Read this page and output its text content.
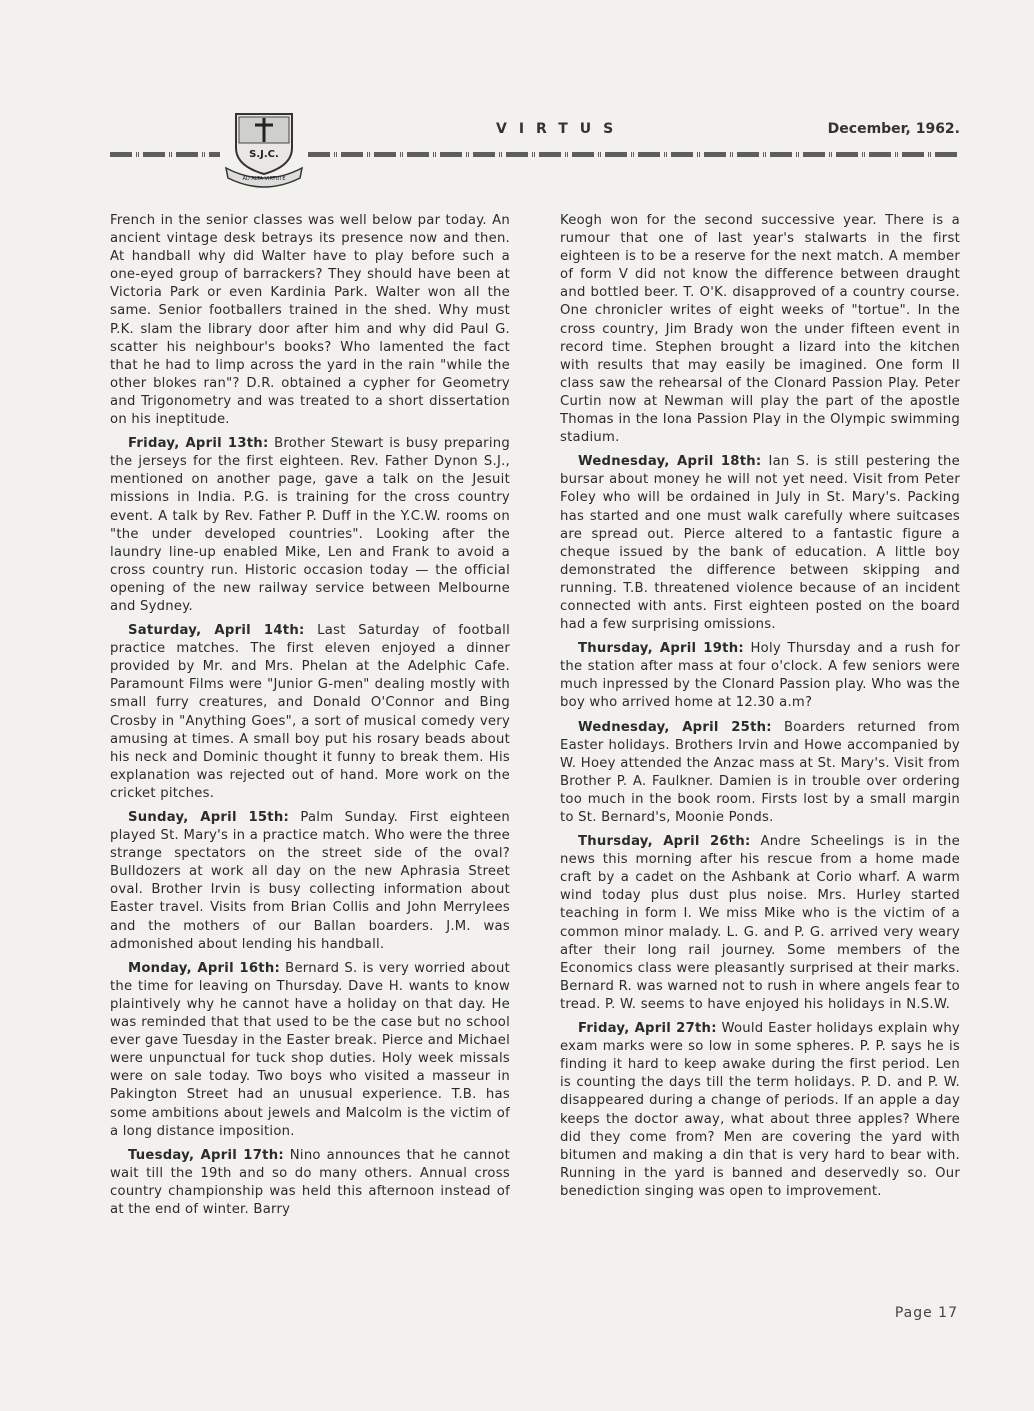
S.J.C.
AD ALTA VIRTUTE
VIRTUS	December, 1962.

French in the senior classes was well below par today. An ancient vintage desk betrays its presence now and then. At handball why did Walter have to play before such a one-eyed group of barrackers? They should have been at Victoria Park or even Kardinia Park. Walter won all the same. Senior footballers trained in the shed. Why must P.K. slam the library door after him and why did Paul G. scatter his neighbour's books? Who lamented the fact that he had to limp across the yard in the rain "while the other blokes ran"? D.R. obtained a cypher for Geometry and Trigonometry and was treated to a short dissertation on his ineptitude.

Friday, April 13th: Brother Stewart is busy preparing the jerseys for the first eighteen. Rev. Father Dynon S.J., mentioned on another page, gave a talk on the Jesuit missions in India. P.G. is training for the cross country event. A talk by Rev. Father P. Duff in the Y.C.W. rooms on "the under developed countries". Looking after the laundry line-up enabled Mike, Len and Frank to avoid a cross country run. Historic occasion today — the official opening of the new railway service between Melbourne and Sydney.

Saturday, April 14th: Last Saturday of football practice matches. The first eleven enjoyed a dinner provided by Mr. and Mrs. Phelan at the Adelphic Cafe. Paramount Films were "Junior G-men" dealing mostly with small furry creatures, and Donald O'Connor and Bing Crosby in "Anything Goes", a sort of musical comedy very amusing at times. A small boy put his rosary beads about his neck and Dominic thought it funny to break them. His explanation was rejected out of hand. More work on the cricket pitches.

Sunday, April 15th: Palm Sunday. First eighteen played St. Mary's in a practice match. Who were the three strange spectators on the street side of the oval? Bulldozers at work all day on the new Aphrasia Street oval. Brother Irvin is busy collecting information about Easter travel. Visits from Brian Collis and John Merrylees and the mothers of our Ballan boarders. J.M. was admonished about lending his handball.

Monday, April 16th: Bernard S. is very worried about the time for leaving on Thursday. Dave H. wants to know plaintively why he cannot have a holiday on that day. He was reminded that that used to be the case but no school ever gave Tuesday in the Easter break. Pierce and Michael were unpunctual for tuck shop duties. Holy week missals were on sale today. Two boys who visited a masseur in Pakington Street had an unusual experience. T.B. has some ambitions about jewels and Malcolm is the victim of a long distance imposition.

Tuesday, April 17th: Nino announces that he cannot wait till the 19th and so do many others. Annual cross country championship was held this afternoon instead of at the end of winter. Barry

Keogh won for the second successive year. There is a rumour that one of last year's stalwarts in the first eighteen is to be a reserve for the next match. A member of form V did not know the difference between draught and bottled beer. T. O'K. disapproved of a country course. One chronicler writes of eight weeks of "tortue". In the cross country, Jim Brady won the under fifteen event in record time. Stephen brought a lizard into the kitchen with results that may easily be imagined. One form II class saw the rehearsal of the Clonard Passion Play. Peter Curtin now at Newman will play the part of the apostle Thomas in the Iona Passion Play in the Olympic swimming stadium.

Wednesday, April 18th: Ian S. is still pestering the bursar about money he will not yet need. Visit from Peter Foley who will be ordained in July in St. Mary's. Packing has started and one must walk carefully where suitcases are spread out. Pierce altered to a fantastic figure a cheque issued by the bank of education. A little boy demonstrated the difference between skipping and running. T.B. threatened violence because of an incident connected with ants. First eighteen posted on the board had a few surprising omissions.

Thursday, April 19th: Holy Thursday and a rush for the station after mass at four o'clock. A few seniors were much inpressed by the Clonard Passion play. Who was the boy who arrived home at 12.30 a.m?

Wednesday, April 25th: Boarders returned from Easter holidays. Brothers Irvin and Howe accompanied by W. Hoey attended the Anzac mass at St. Mary's. Visit from Brother P. A. Faulkner. Damien is in trouble over ordering too much in the book room. Firsts lost by a small margin to St. Bernard's, Moonie Ponds.

Thursday, April 26th: Andre Scheelings is in the news this morning after his rescue from a home made craft by a cadet on the Ashbank at Corio wharf. A warm wind today plus dust plus noise. Mrs. Hurley started teaching in form I. We miss Mike who is the victim of a common minor malady. L. G. and P. G. arrived very weary after their long rail journey. Some members of the Economics class were pleasantly surprised at their marks. Bernard R. was warned not to rush in where angels fear to tread. P. W. seems to have enjoyed his holidays in N.S.W.

Friday, April 27th: Would Easter holidays explain why exam marks were so low in some spheres. P. P. says he is finding it hard to keep awake during the first period. Len is counting the days till the term holidays. P. D. and P. W. disappeared during a change of periods. If an apple a day keeps the doctor away, what about three apples? Where did they come from? Men are covering the yard with bitumen and making a din that is very hard to bear with. Running in the yard is banned and deservedly so. Our benediction singing was open to improvement.

Page 17
